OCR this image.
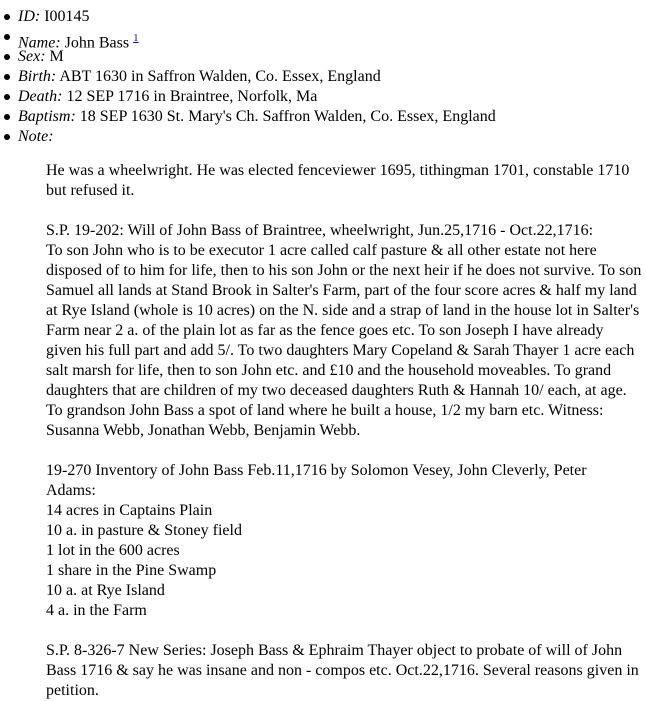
ID: I00145
Name: John Bass $^1$
Sex: M
Birth: ABT 1630 in Saffron Walden, Co. Essex, England
Death: 12 SEP 1716 in Braintree, Norfolk, Ma
Baptism: 18 SEP 1630 St. Mary's Ch. Saffron Walden, Co. Essex, England
Note:

He was a wheelwright. He was elected fenceviewer 1695, tithingman 1701, constable 1710
but refused it.

S.P. 19-202: Will of John Bass of Braintree, wheelwright, Jun.25,1716 - Oct.22,1716:
To son John who is to be executor 1 acre called calf pasture & all other estate not here
disposed of to him for life, then to his son John or the next heir if he does not survive. To son
Samuel all lands at Stand Brook in Salter's Farm, part of the four score acres & half my land
at Rye Island (whole is 10 acres) on the N. side and a strap of land in the house lot in Salter's
Farm near 2 a. of the plain lot as far as the fence goes etc. To son Joseph I have already
given his full part and add 5/. To two daughters Mary Copeland & Sarah Thayer 1 acre each
salt marsh for life, then to son John etc. and £10 and the household moveables. To grand
daughters that are children of my two deceased daughters Ruth & Hannah 10/ each, at age.
To grandson John Bass a spot of land where he built a house, 1/2 my barn etc. Witness:
Susanna Webb, Jonathan Webb, Benjamin Webb.

19-270 Inventory of John Bass Feb.11,1716 by Solomon Vesey, John Cleverly, Peter
Adams:
14 acres in Captains Plain
10 a. in pasture & Stoney field
1 lot in the 600 acres
1 share in the Pine Swamp
10 a. at Rye Island
4 a. in the Farm

S.P. 8-326-7 New Series: Joseph Bass & Ephraim Thayer object to probate of will of John
Bass 1716 & say he was insane and non - compos etc. Oct.22,1716. Several reasons given in
petition.
